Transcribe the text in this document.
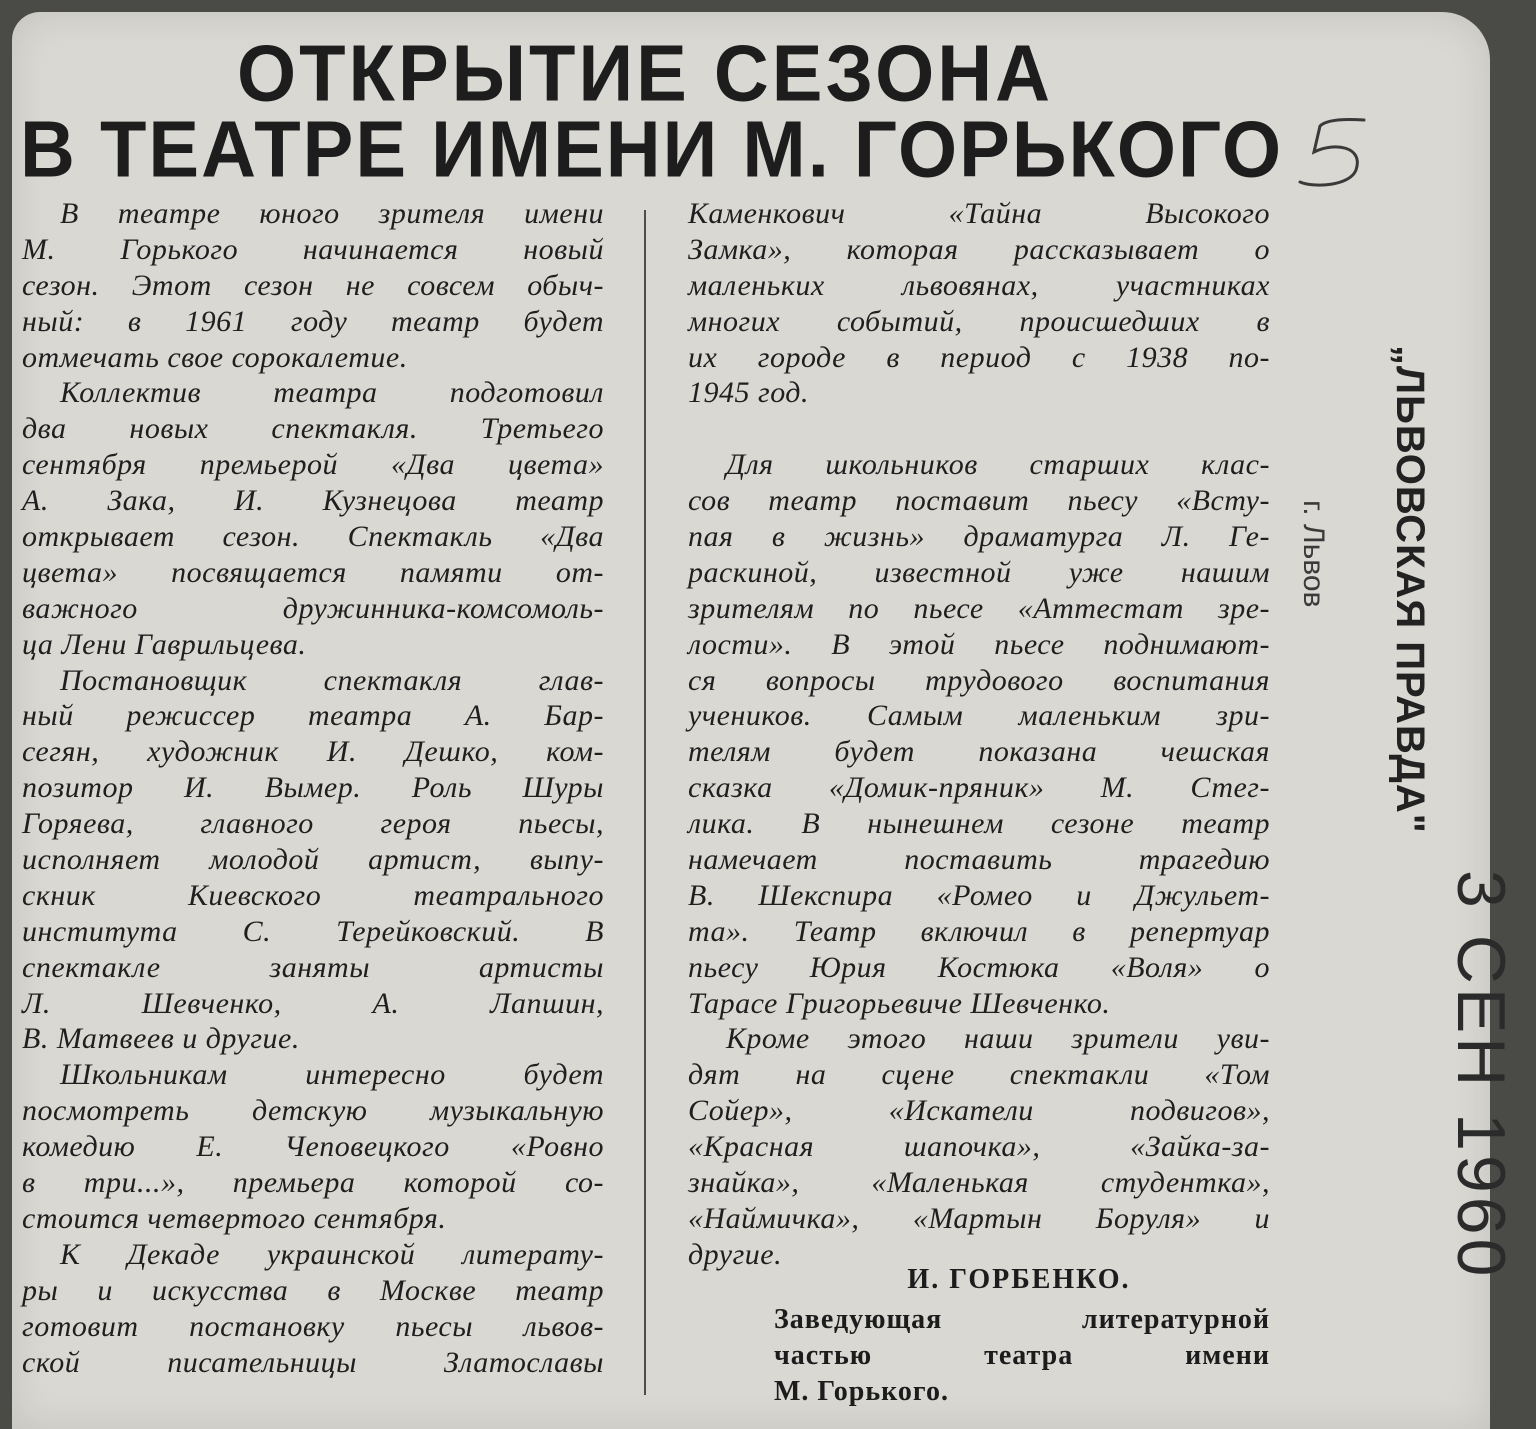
ОТКРЫТИЕ СЕЗОНА
В ТЕАТРЕ ИМЕНИ М. ГОРЬКОГО

В театре юного зрителя имени

М. Горького начинается новый

сезон. Этот сезон не совсем обыч-

ный: в 1961 году театр будет

отмечать свое сорокалетие.

Коллектив театра подготовил

два новых спектакля. Третьего

сентября премьерой «Два цвета»

А. Зака, И. Кузнецова театр

открывает сезон. Спектакль «Два

цвета» посвящается памяти от-

важного дружинника-комсомоль-

ца Лени Гаврильцева.

Постановщик спектакля глав-

ный режиссер театра А. Бар-

сегян, художник И. Дешко, ком-

позитор И. Вымер. Роль Шуры

Горяева, главного героя пьесы,

исполняет молодой артист, выпу-

скник Киевского театрального

института С. Терейковский. В

спектакле заняты артисты

Л. Шевченко, А. Лапшин,

В. Матвеев и другие.

Школьникам интересно будет

посмотреть детскую музыкальную

комедию Е. Чеповецкого «Ровно

в три...», премьера которой со-

стоится четвертого сентября.

К Декаде украинской литерату-

ры и искусства в Москве театр

готовит постановку пьесы львов-

ской писательницы Златославы

Каменкович «Тайна Высокого

Замка», которая рассказывает о

маленьких львовянах, участниках

многих событий, происшедших в

их городе в период с 1938 по-

1945 год.

Для школьников старших клас-

сов театр поставит пьесу «Всту-

пая в жизнь» драматурга Л. Ге-

раскиной, известной уже нашим

зрителям по пьесе «Аттестат зре-

лости». В этой пьесе поднимают-

ся вопросы трудового воспитания

учеников. Самым маленьким зри-

телям будет показана чешская

сказка «Домик-пряник» М. Стег-

лика. В нынешнем сезоне театр

намечает поставить трагедию

В. Шекспира «Ромео и Джульет-

та». Театр включил в репертуар

пьесу Юрия Костюка «Воля» о

Тарасе Григорьевиче Шевченко.

Кроме этого наши зрители уви-

дят на сцене спектакли «Том

Сойер», «Искатели подвигов»,

«Красная шапочка», «Зайка-за-

знайка», «Маленькая студентка»,

«Наймичка», «Мартын Боруля» и

другие.

И. ГОРБЕНКО.

Заведующая литературной

частью театра имени

М. Горького.

„ЛЬВОВСКАЯ ПРАВДА"
г. Львов
3 СЕН 1960
